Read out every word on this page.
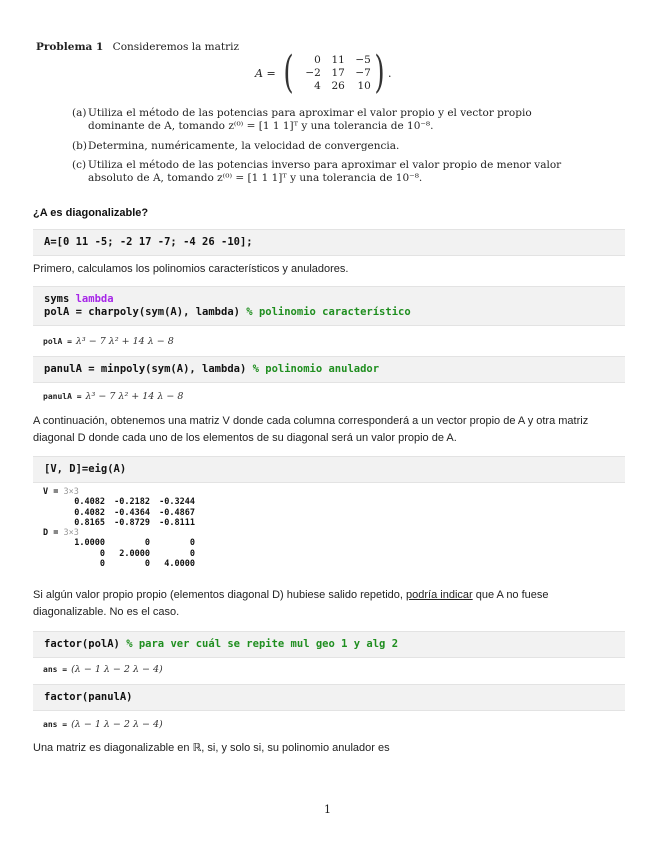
Problema 1 Consideremos la matriz
A = (	0	11	−5
−2	17	−7
4	26	10 ) .
(a) Utiliza el método de las potencias para aproximar el valor propio y el vector propio dominante de A, tomando z⁽⁰⁾ = [1 1 1]ᵀ y una tolerancia de 10⁻⁸.
(b) Determina, numéricamente, la velocidad de convergencia.
(c) Utiliza el método de las potencias inverso para aproximar el valor propio de menor valor absoluto de A, tomando z⁽⁰⁾ = [1 1 1]ᵀ y una tolerancia de 10⁻⁸.
¿A es diagonalizable?
A=[0 11 -5; -2 17 -7; -4 26 -10];
Primero, calculamos los polinomios característicos y anuladores.
syms lambda
polA = charpoly(sym(A), lambda) % polinomio característico
polA = λ³ − 7 λ² + 14 λ − 8
panulA = minpoly(sym(A), lambda) % polinomio anulador
panulA = λ³ − 7 λ² + 14 λ − 8
A continuación, obtenemos una matriz V donde cada columna corresponderá a un vector propio de A y otra matriz diagonal D donde cada uno de los elementos de su diagonal será un valor propio de A.
[V, D]=eig(A)
V = 3×3
0.4082	-0.2182	-0.3244
0.4082	-0.4364	-0.4867
0.8165	-0.8729	-0.8111
D = 3×3
1.0000	0	0
0	2.0000	0
0	0	4.0000
Si algún valor propio propio (elementos diagonal D) hubiese salido repetido, podría indicar que A no fuese diagonalizable. No es el caso.
factor(polA) % para ver cuál se repite mul geo 1 y alg 2
ans = (λ − 1 λ − 2 λ − 4)
factor(panulA)
ans = (λ − 1 λ − 2 λ − 4)
Una matriz es diagonalizable en ℝ, si, y solo si, su polinomio anulador es
1
